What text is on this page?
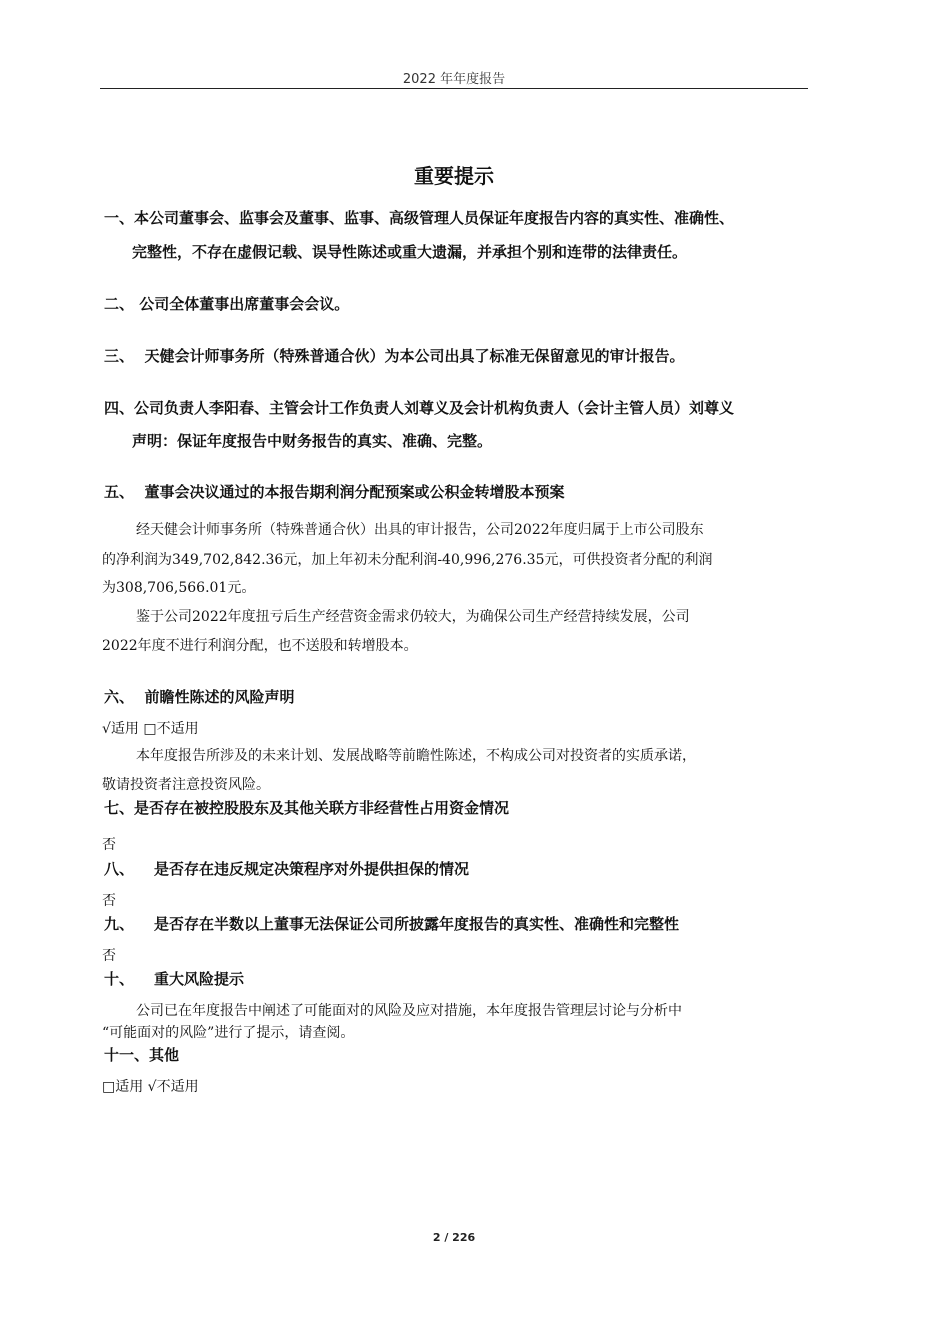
2022 年年度报告
重要提示
一、本公司董事会、监事会及董事、监事、高级管理人员保证年度报告内容的真实性、准确性、
完整性，不存在虚假记载、误导性陈述或重大遗漏，并承担个别和连带的法律责任。
二、 公司全体董事出席董事会会议。
三、 天健会计师事务所（特殊普通合伙）为本公司出具了标准无保留意见的审计报告。
四、公司负责人李阳春、主管会计工作负责人刘尊义及会计机构负责人（会计主管人员）刘尊义
声明：保证年度报告中财务报告的真实、准确、完整。
五、 董事会决议通过的本报告期利润分配预案或公积金转增股本预案
经天健会计师事务所（特殊普通合伙）出具的审计报告，公司2022年度归属于上市公司股东
的净利润为349,702,842.36元，加上年初未分配利润-40,996,276.35元，可供投资者分配的利润
为308,706,566.01元。
鉴于公司2022年度扭亏后生产经营资金需求仍较大，为确保公司生产经营持续发展，公司
2022年度不进行利润分配，也不送股和转增股本。
六、 前瞻性陈述的风险声明
√适用 □不适用
本年度报告所涉及的未来计划、发展战略等前瞻性陈述，不构成公司对投资者的实质承诺，
敬请投资者注意投资风险。
七、是否存在被控股股东及其他关联方非经营性占用资金情况
否
八、 是否存在违反规定决策程序对外提供担保的情况
否
九、 是否存在半数以上董事无法保证公司所披露年度报告的真实性、准确性和完整性
否
十、 重大风险提示
公司已在年度报告中阐述了可能面对的风险及应对措施，本年度报告管理层讨论与分析中
“可能面对的风险”进行了提示，请查阅。
十一、其他
□适用 √不适用
2 / 226
